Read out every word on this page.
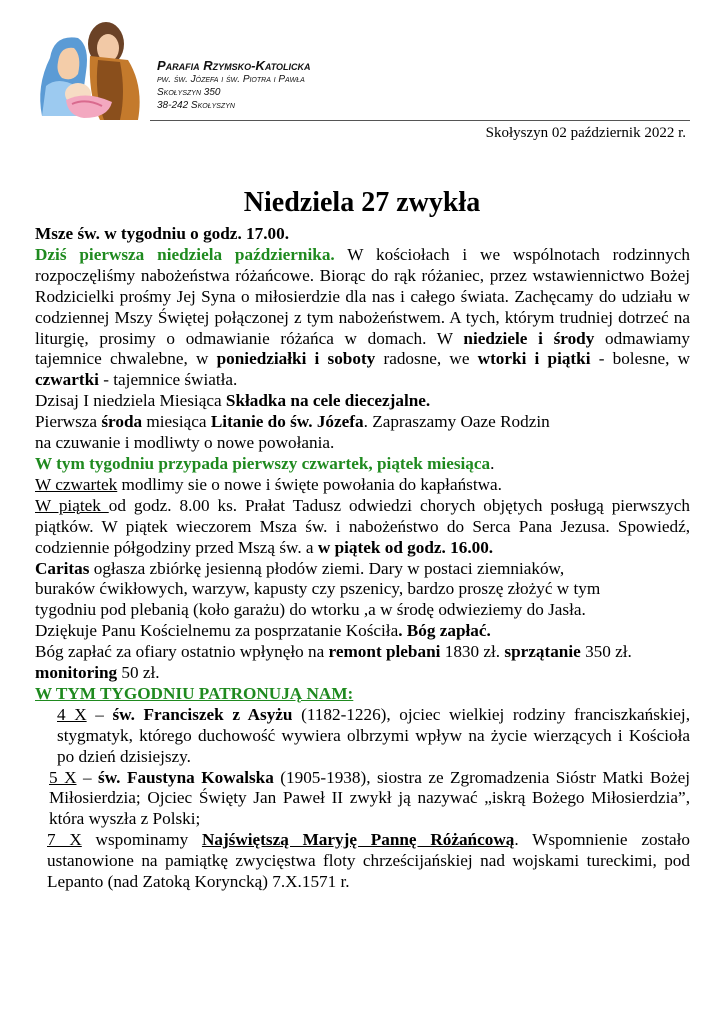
Parafia Rzymsko-Katolicka
pw. św. Józefa i św. Piotra i Pawła
Skołyszyn 350
38-242 Skołyszyn
Skołyszyn 02 październik 2022 r.
Niedziela 27 zwykła

Msze św. w tygodniu o godz. 17.00.

Dziś pierwsza niedziela października. W kościołach i we wspólnotach rodzinnych rozpoczęliśmy nabożeństwa różańcowe. Biorąc do rąk różaniec, przez wstawiennictwo Bożej Rodzicielki prośmy Jej Syna o miłosierdzie dla nas i całego świata. Zachęcamy do udziału w codziennej Mszy Świętej połączonej z tym nabożeństwem. A tych, którym trudniej dotrzeć na liturgię, prosimy o odmawianie różańca w domach. W niedziele i środy odmawiamy tajemnice chwalebne, w poniedziałki i soboty radosne, we wtorki i piątki - bolesne, w czwartki - tajemnice światła.

Dzisaj I niedziela Miesiąca Składka na cele diecezjalne.

Pierwsza środa miesiąca Litanie do św. Józefa. Zapraszamy Oaze Rodzin

na czuwanie i modliwty o nowe powołania.

W tym tygodniu przypada pierwszy czwartek, piątek miesiąca.

W czwartek modlimy sie o nowe i święte powołania do kapłaństwa.

W piątek od godz. 8.00 ks. Prałat Tadusz odwiedzi chorych objętych posługą pierwszych piątków. W piątek wieczorem Msza św. i nabożeństwo do Serca Pana Jezusa. Spowiedź, codziennie półgodziny przed Mszą św. a w piątek od godz. 16.00.

Caritas ogłasza zbiórkę jesienną płodów ziemi. Dary w postaci ziemniaków,

buraków ćwikłowych, warzyw, kapusty czy pszenicy, bardzo proszę złożyć w tym

tygodniu pod plebanią (koło garażu) do wtorku ,a w środę odwieziemy do Jasła.

Dziękuje Panu Kościelnemu za posprzatanie Kościła. Bóg zapłać.

Bóg zapłać za ofiary ostatnio wpłynęło na remont plebani 1830 zł. sprzątanie 350 zł. monitoring 50 zł.

W TYM TYGODNIU PATRONUJĄ NAM:

4 X – św. Franciszek z Asyżu (1182-1226), ojciec wielkiej rodziny franciszkańskiej, stygmatyk, którego duchowość wywiera olbrzymi wpływ na życie wierzących i Kościoła po dzień dzisiejszy.

5 X – św. Faustyna Kowalska (1905-1938), siostra ze Zgromadzenia Sióstr Matki Bożej Miłosierdzia; Ojciec Święty Jan Paweł II zwykł ją nazywać „iskrą Bożego Miłosierdzia”, która wyszła z Polski;

7 X wspominamy Najświętszą Maryję Pannę Różańcową. Wspomnienie zostało ustanowione na pamiątkę zwycięstwa floty chrześcijańskiej nad wojskami tureckimi, pod Lepanto (nad Zatoką Koryncką) 7.X.1571 r.
